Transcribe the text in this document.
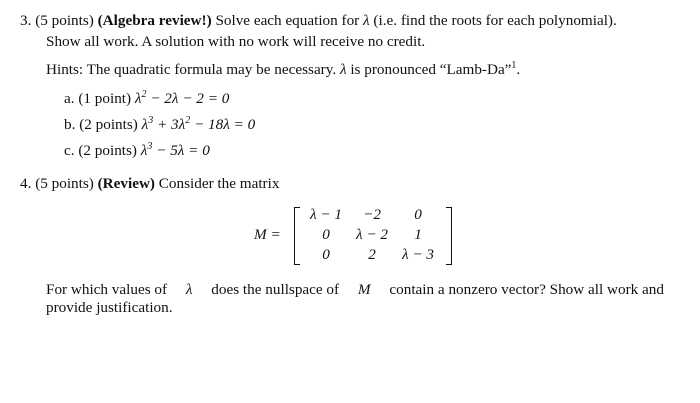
3. (5 points) (Algebra review!) Solve each equation for λ (i.e. find the roots for each polynomial).
Show all work. A solution with no work will receive no credit.
Hints: The quadratic formula may be necessary. λ is pronounced “Lamb-Da”$^1$.
a. (1 point) $\lambda^2 - 2\lambda - 2 = 0$
b. (2 points) $\lambda^3 + 3\lambda^2 - 18\lambda = 0$
c. (2 points) $\lambda^3 - 5\lambda = 0$
4. (5 points) (Review) Consider the matrix
M =
λ − 1	−2	0
0	λ − 2	1
0	2	λ − 3
For which values of λ does the nullspace of M contain a nonzero vector? Show all work and
provide justification.
